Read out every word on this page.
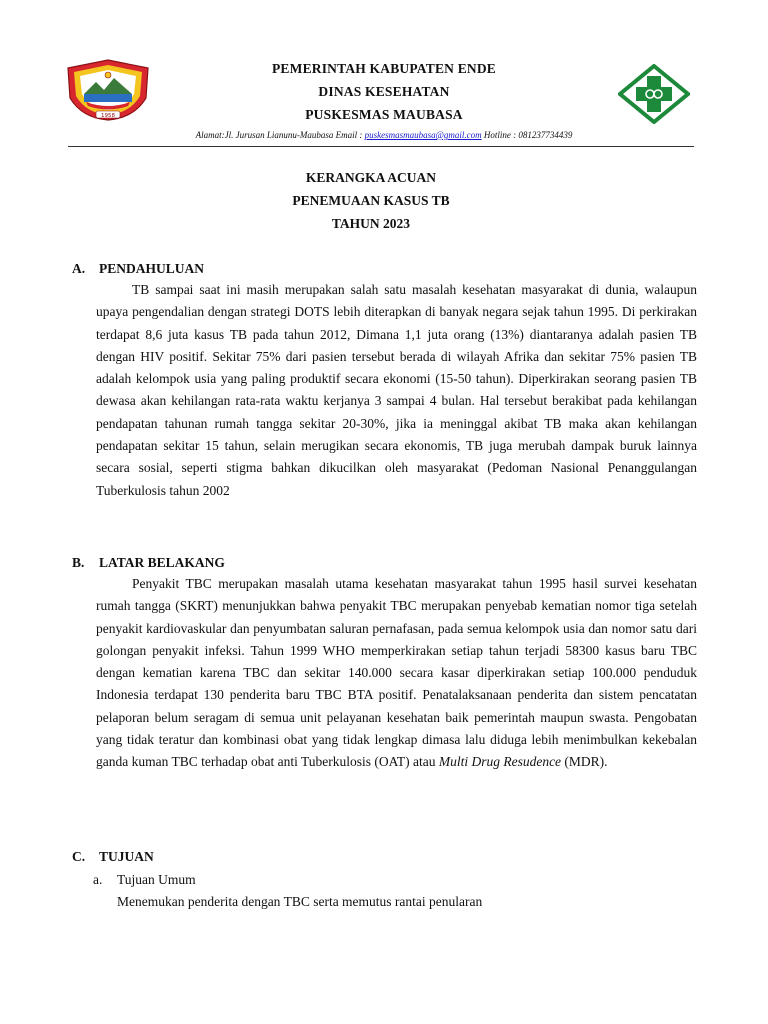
1958
PEMERINTAH KABUPATEN ENDE
DINAS KESEHATAN
PUSKESMAS MAUBASA
Alamat:Jl. Jurusan Lianunu-Maubasa Email : puskesmasmaubasa@gmail.com Hotline : 081237734439
KERANGKA ACUAN
PENEMUAAN KASUS TB
TAHUN 2023
A. PENDAHULUAN

TB sampai saat ini masih merupakan salah satu masalah kesehatan masyarakat di dunia, walaupun upaya pengendalian dengan strategi DOTS lebih diterapkan di banyak negara sejak tahun 1995. Di perkirakan terdapat 8,6 juta kasus TB pada tahun 2012, Dimana 1,1 juta orang (13%) diantaranya adalah pasien TB dengan HIV positif. Sekitar 75% dari pasien tersebut berada di wilayah Afrika dan sekitar 75% pasien TB adalah kelompok usia yang paling produktif secara ekonomi (15-50 tahun). Diperkirakan seorang pasien TB dewasa akan kehilangan rata-rata waktu kerjanya 3 sampai 4 bulan. Hal tersebut berakibat pada kehilangan pendapatan tahunan rumah tangga sekitar 20-30%, jika ia meninggal akibat TB maka akan kehilangan pendapatan sekitar 15 tahun, selain merugikan secara ekonomis, TB juga merubah dampak buruk lainnya secara sosial, seperti stigma bahkan dikucilkan oleh masyarakat (Pedoman Nasional Penanggulangan Tuberkulosis tahun 2002

B. LATAR BELAKANG

Penyakit TBC merupakan masalah utama kesehatan masyarakat tahun 1995 hasil survei kesehatan rumah tangga (SKRT) menunjukkan bahwa penyakit TBC merupakan penyebab kematian nomor tiga setelah penyakit kardiovaskular dan penyumbatan saluran pernafasan, pada semua kelompok usia dan nomor satu dari golongan penyakit infeksi. Tahun 1999 WHO memperkirakan setiap tahun terjadi 58300 kasus baru TBC dengan kematian karena TBC dan sekitar 140.000 secara kasar diperkirakan setiap 100.000 penduduk Indonesia terdapat 130 penderita baru TBC BTA positif. Penatalaksanaan penderita dan sistem pencatatan pelaporan belum seragam di semua unit pelayanan kesehatan baik pemerintah maupun swasta. Pengobatan yang tidak teratur dan kombinasi obat yang tidak lengkap dimasa lalu diduga lebih menimbulkan kekebalan ganda kuman TBC terhadap obat anti Tuberkulosis (OAT) atau Multi Drug Resudence (MDR).

C. TUJUAN
a. Tujuan Umum
Menemukan penderita dengan TBC serta memutus rantai penularan
